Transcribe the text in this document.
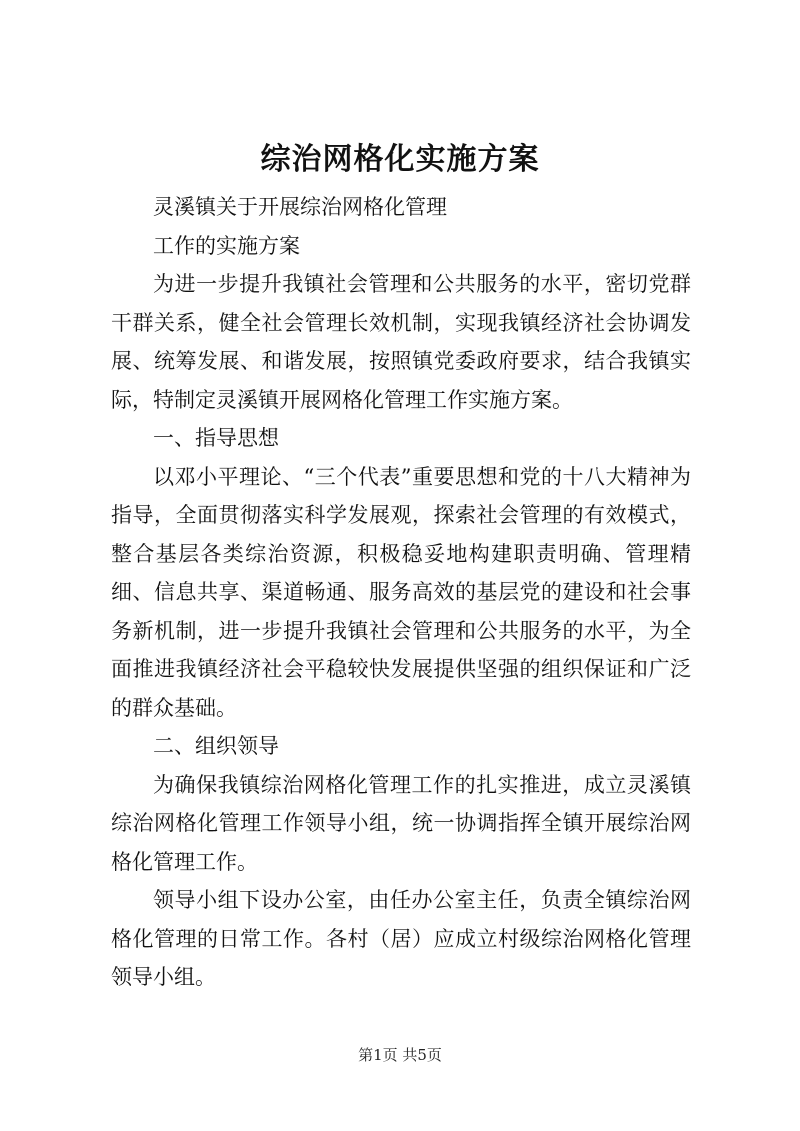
综治网格化实施方案

灵溪镇关于开展综治网格化管理

工作的实施方案

为进一步提升我镇社会管理和公共服务的水平，密切党群干群关系，健全社会管理长效机制，实现我镇经济社会协调发展、统筹发展、和谐发展，按照镇党委政府要求，结合我镇实际，特制定灵溪镇开展网格化管理工作实施方案。

一、指导思想

以邓小平理论、“三个代表”重要思想和党的十八大精神为指导，全面贯彻落实科学发展观，探索社会管理的有效模式，整合基层各类综治资源，积极稳妥地构建职责明确、管理精细、信息共享、渠道畅通、服务高效的基层党的建设和社会事务新机制，进一步提升我镇社会管理和公共服务的水平，为全面推进我镇经济社会平稳较快发展提供坚强的组织保证和广泛的群众基础。

二、组织领导

为确保我镇综治网格化管理工作的扎实推进，成立灵溪镇综治网格化管理工作领导小组，统一协调指挥全镇开展综治网格化管理工作。

领导小组下设办公室，由任办公室主任，负责全镇综治网格化管理的日常工作。各村（居）应成立村级综治网格化管理领导小组。

第1页 共5页
